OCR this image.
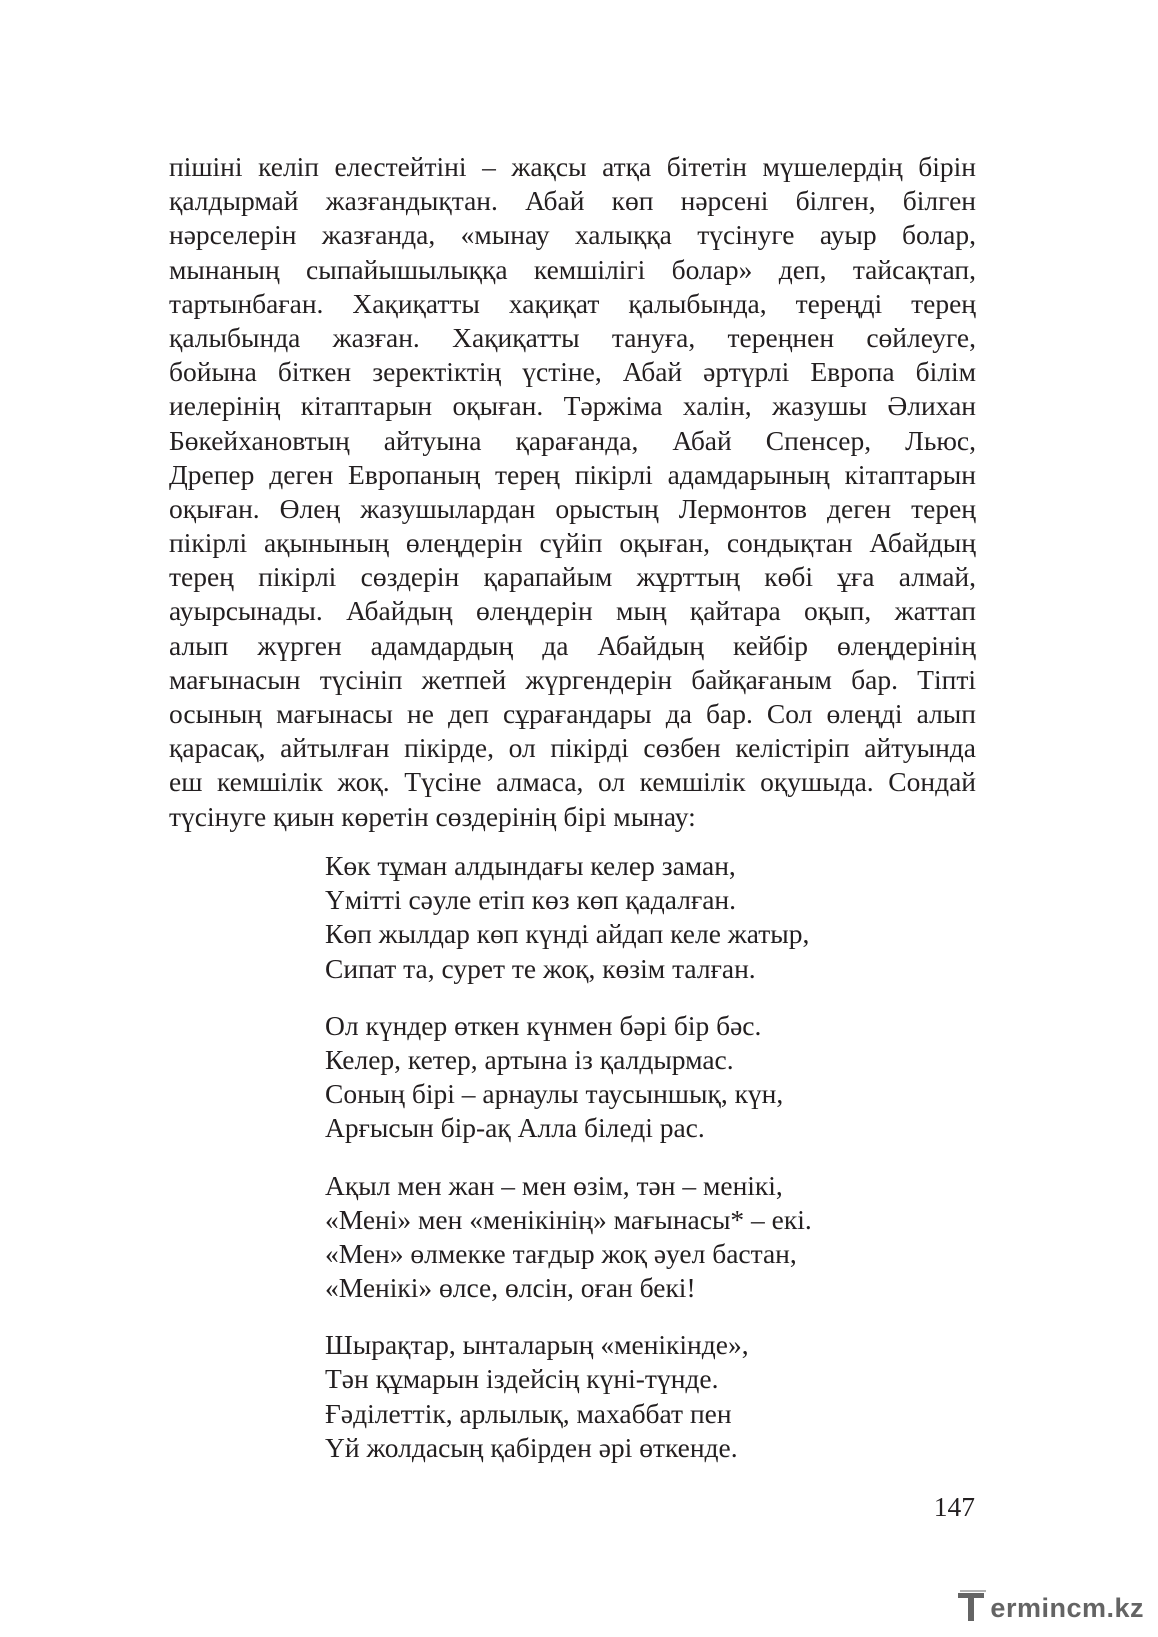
пішіні келіп елестейтіні – жақсы атқа бітетін мүшелердің бірін
қалдырмай жазғандықтан. Абай көп нәрсені білген, білген
нәрселерін жазғанда, «мынау халыққа түсінуге ауыр болар,
мынаның сыпайышылыққа кемшілігі болар» деп, тайсақтап,
тартынбаған. Хақиқатты хақиқат қалыбында, тереңді терең
қалыбында жазған. Хақиқатты тануға, тереңнен сөйлеуге,
бойына біткен зеректіктің үстіне, Абай әртүрлі Европа білім
иелерінің кітаптарын оқыған. Тәржіма халін, жазушы Әлихан
Бөкейхановтың айтуына қарағанда, Абай Спенсер, Льюс,
Дрепер деген Европаның терең пікірлі адамдарының кітаптарын
оқыған. Өлең жазушылардан орыстың Лермонтов деген терең
пікірлі ақынының өлеңдерін сүйіп оқыған, сондықтан Абайдың
терең пікірлі сөздерін қарапайым жұрттың көбі ұға алмай,
ауырсынады. Абайдың өлеңдерін мың қайтара оқып, жаттап
алып жүрген адамдардың да Абайдың кейбір өлеңдерінің
мағынасын түсініп жетпей жүргендерін байқағаным бар. Тіпті
осының мағынасы не деп сұрағандары да бар. Сол өлеңді алып
қарасақ, айтылған пікірде, ол пікірді сөзбен келістіріп айтуында
еш кемшілік жоқ. Түсіне алмаса, ол кемшілік оқушыда. Сондай
түсінуге қиын көретін сөздерінің бірі мынау:
Көк тұман алдындағы келер заман,
Үмітті сәуле етіп көз көп қадалған.
Көп жылдар көп күнді айдап келе жатыр,
Сипат та, сурет те жоқ, көзім талған.
Ол күндер өткен күнмен бәрі бір бәс.
Келер, кетер, артына із қалдырмас.
Соның бірі – арнаулы таусыншық, күн,
Арғысын бір-ақ Алла біледі рас.
Ақыл мен жан – мен өзім, тән – менікі,
«Мені» мен «менікінің» мағынасы* – екі.
«Мен» өлмекке тағдыр жоқ әуел бастан,
«Менікі» өлсе, өлсін, оған бекі!
Шырақтар, ынталарың «менікінде»,
Тән құмарын іздейсің күні-түнде.
Ғәділеттік, арлылық, махаббат пен
Үй жолдасың қабірден әрі өткенде.
147
ermincm.kz
